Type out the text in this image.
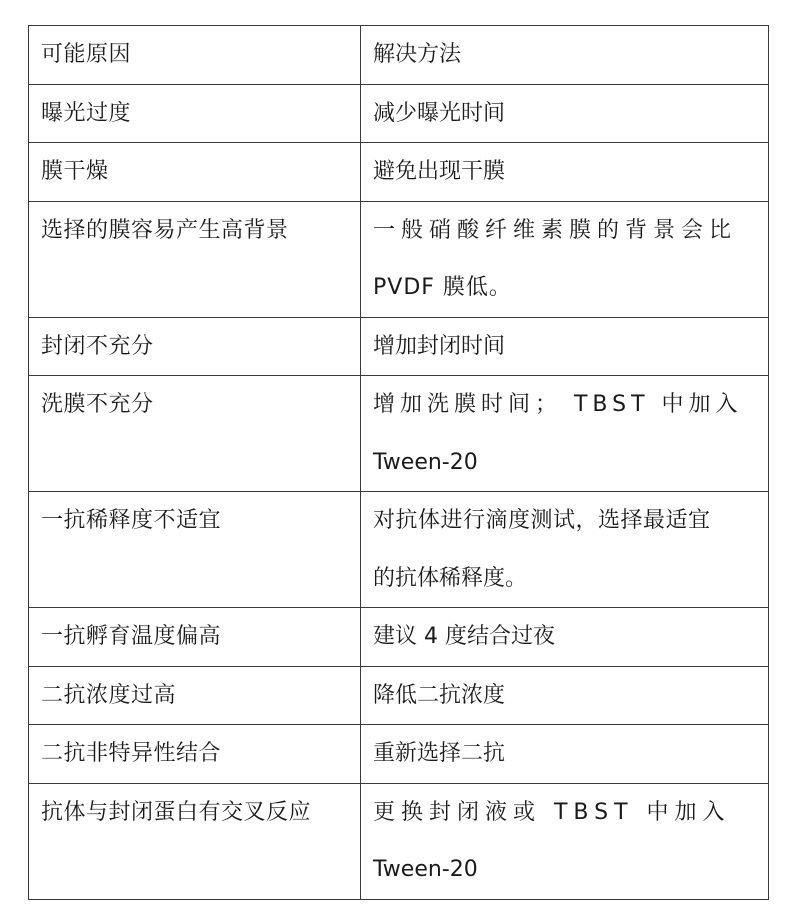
可能原因	解决方法
曝光过度	减少曝光时间

膜干燥	避免出现干膜

选择的膜容易产生高背景	一般硝酸纤维素膜的背景会比
PVDF 膜低。

封闭不充分	增加封闭时间

洗膜不充分	增加洗膜时间； TBST 中加入
Tween-20

一抗稀释度不适宜	对抗体进行滴度测试，选择最适宜
的抗体稀释度。

一抗孵育温度偏高	建议 4 度结合过夜

二抗浓度过高	降低二抗浓度

二抗非特异性结合	重新选择二抗

抗体与封闭蛋白有交叉反应	更换封闭液或 TBST 中加入
Tween-20
